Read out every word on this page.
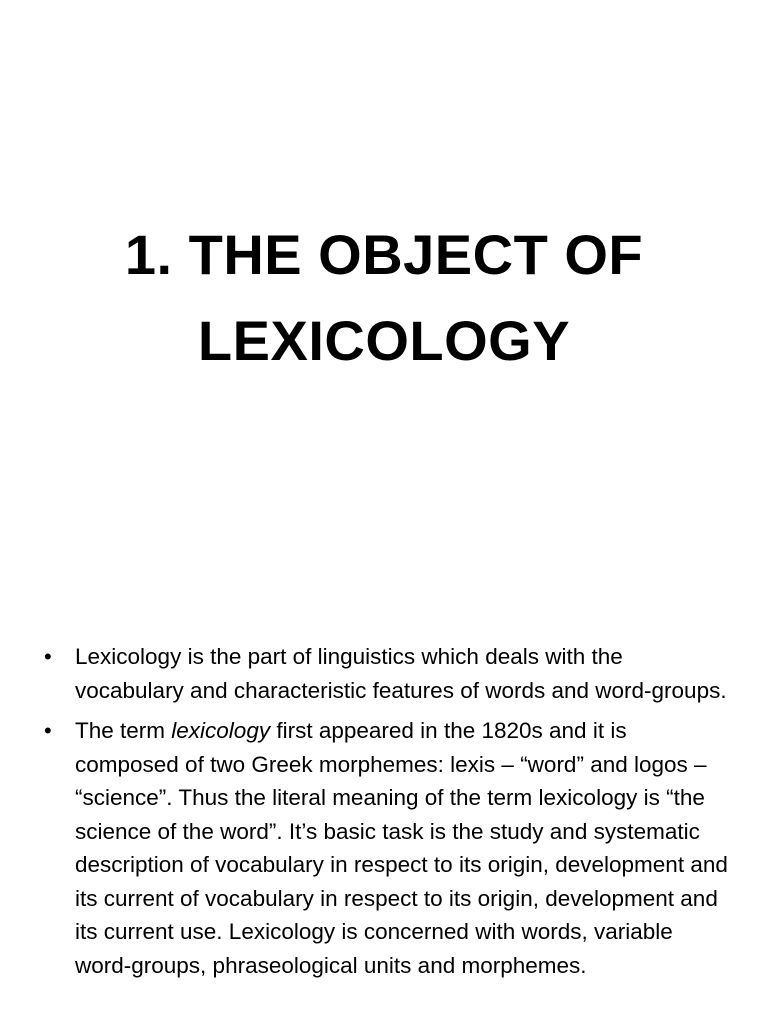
1. THE OBJECT OF
LEXICOLOGY
• Lexicology is the part of linguistics which deals with the vocabulary and characteristic features of words and word-groups.
• The term lexicology first appeared in the 1820s and it is composed of two Greek morphemes: lexis – “word” and logos – “science”. Thus the literal meaning of the term lexicology is “the science of the word”. It’s basic task is the study and systematic description of vocabulary in respect to its origin, development and its current of vocabulary in respect to its origin, development and its current use. Lexicology is concerned with words, variable word-groups, phraseological units and morphemes.
